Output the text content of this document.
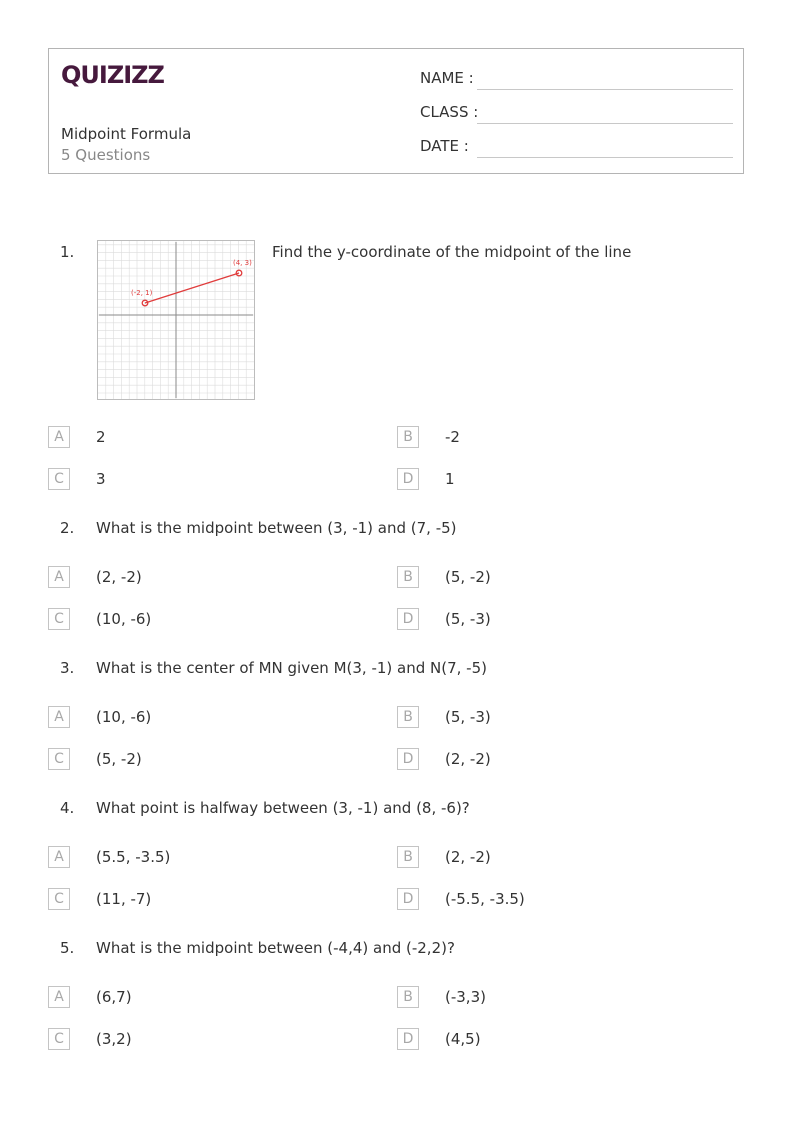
QUIZIZZ
Midpoint Formula
5 Questions
NAME :
CLASS :
DATE :
1.
(-2, 1)
(4, 3)
Find the y-coordinate of the midpoint of the line
A	2	B	-2
C	3	D	1
2. What is the midpoint between (3, -1) and (7, -5)
A	(2, -2)	B	(5, -2)
C	(10, -6)	D	(5, -3)
3. What is the center of MN given M(3, -1) and N(7, -5)
A	(10, -6)	B	(5, -3)
C	(5, -2)	D	(2, -2)
4. What point is halfway between (3, -1) and (8, -6)?
A	(5.5, -3.5)	B	(2, -2)
C	(11, -7)	D	(-5.5, -3.5)
5. What is the midpoint between (-4,4) and (-2,2)?
A	(6,7)	B	(-3,3)
C	(3,2)	D	(4,5)
